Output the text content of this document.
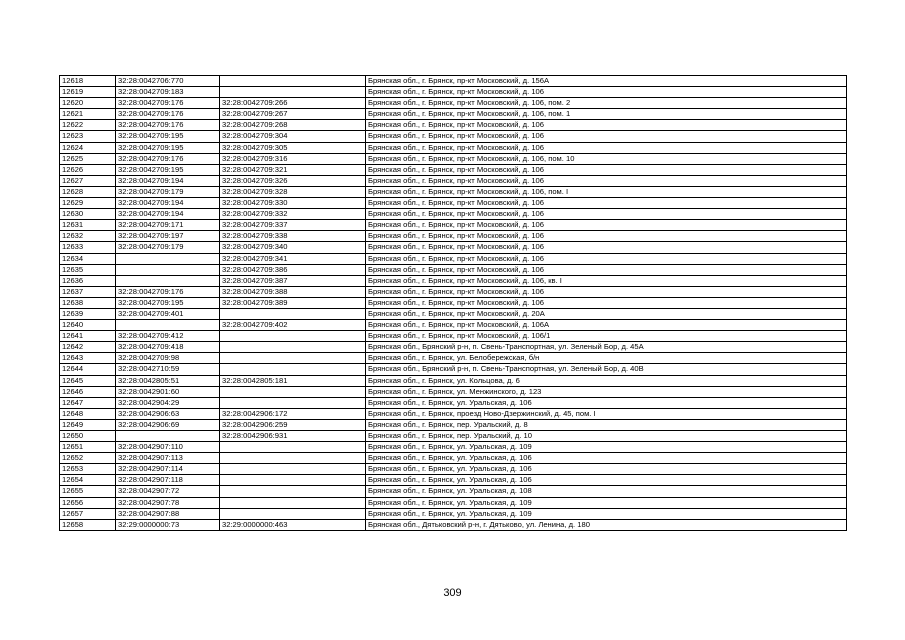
12618	32:28:0042706:770		Брянская обл., г. Брянск, пр-кт Московский, д. 156А
12619	32:28:0042709:183		Брянская обл., г. Брянск, пр-кт Московский, д. 106
12620	32:28:0042709:176	32:28:0042709:266	Брянская обл., г. Брянск, пр-кт Московский, д. 106, пом. 2
12621	32:28:0042709:176	32:28:0042709:267	Брянская обл., г. Брянск, пр-кт Московский, д. 106, пом. 1
12622	32:28:0042709:176	32:28:0042709:268	Брянская обл., г. Брянск, пр-кт Московский, д. 106
12623	32:28:0042709:195	32:28:0042709:304	Брянская обл., г. Брянск, пр-кт Московский, д. 106
12624	32:28:0042709:195	32:28:0042709:305	Брянская обл., г. Брянск, пр-кт Московский, д. 106
12625	32:28:0042709:176	32:28:0042709:316	Брянская обл., г. Брянск, пр-кт Московский, д. 106, пом. 10
12626	32:28:0042709:195	32:28:0042709:321	Брянская обл., г. Брянск, пр-кт Московский, д. 106
12627	32:28:0042709:194	32:28:0042709:326	Брянская обл., г. Брянск, пр-кт Московский, д. 106
12628	32:28:0042709:179	32:28:0042709:328	Брянская обл., г. Брянск, пр-кт Московский, д. 106, пом. I
12629	32:28:0042709:194	32:28:0042709:330	Брянская обл., г. Брянск, пр-кт Московский, д. 106
12630	32:28:0042709:194	32:28:0042709:332	Брянская обл., г. Брянск, пр-кт Московский, д. 106
12631	32:28:0042709:171	32:28:0042709:337	Брянская обл., г. Брянск, пр-кт Московский, д. 106
12632	32:28:0042709:197	32:28:0042709:338	Брянская обл., г. Брянск, пр-кт Московский, д. 106
12633	32:28:0042709:179	32:28:0042709:340	Брянская обл., г. Брянск, пр-кт Московский, д. 106
12634		32:28:0042709:341	Брянская обл., г. Брянск, пр-кт Московский, д. 106
12635		32:28:0042709:386	Брянская обл., г. Брянск, пр-кт Московский, д. 106
12636		32:28:0042709:387	Брянская обл., г. Брянск, пр-кт Московский, д. 106, кв. I
12637	32:28:0042709:176	32:28:0042709:388	Брянская обл., г. Брянск, пр-кт Московский, д. 106
12638	32:28:0042709:195	32:28:0042709:389	Брянская обл., г. Брянск, пр-кт Московский, д. 106
12639	32:28:0042709:401		Брянская обл., г. Брянск, пр-кт Московский, д. 20А
12640		32:28:0042709:402	Брянская обл., г. Брянск, пр-кт Московский, д. 106А
12641	32:28:0042709:412		Брянская обл., г. Брянск, пр-кт Московский, д. 106/1
12642	32:28:0042709:418		Брянская обл., Брянский р-н, п. Свень-Транспортная, ул. Зеленый Бор, д. 45А
12643	32:28:0042709:98		Брянская обл., г. Брянск, ул. Белобережская, б/н
12644	32:28:0042710:59		Брянская обл., Брянский р-н, п. Свень-Транспортная, ул. Зеленый Бор, д. 40В
12645	32:28:0042805:51	32:28:0042805:181	Брянская обл., г. Брянск, ул. Кольцова, д. 6
12646	32:28:0042901:60		Брянская обл., г. Брянск, ул. Менжинского, д. 123
12647	32:28:0042904:29		Брянская обл., г. Брянск, ул. Уральская, д. 106
12648	32:28:0042906:63	32:28:0042906:172	Брянская обл., г. Брянск, проезд Ново-Дзержинский, д. 45, пом. I
12649	32:28:0042906:69	32:28:0042906:259	Брянская обл., г. Брянск, пер. Уральский, д. 8
12650		32:28:0042906:931	Брянская обл., г. Брянск, пер. Уральский, д. 10
12651	32:28:0042907:110		Брянская обл., г. Брянск, ул. Уральская, д. 109
12652	32:28:0042907:113		Брянская обл., г. Брянск, ул. Уральская, д. 106
12653	32:28:0042907:114		Брянская обл., г. Брянск, ул. Уральская, д. 106
12654	32:28:0042907:118		Брянская обл., г. Брянск, ул. Уральская, д. 106
12655	32:28:0042907:72		Брянская обл., г. Брянск, ул. Уральская, д. 108
12656	32:28:0042907:78		Брянская обл., г. Брянск, ул. Уральская, д. 109
12657	32:28:0042907:88		Брянская обл., г. Брянск, ул. Уральская, д. 109
12658	32:29:0000000:73	32:29:0000000:463	Брянская обл., Дятьковский р-н, г. Дятьково, ул. Ленина, д. 180
309
